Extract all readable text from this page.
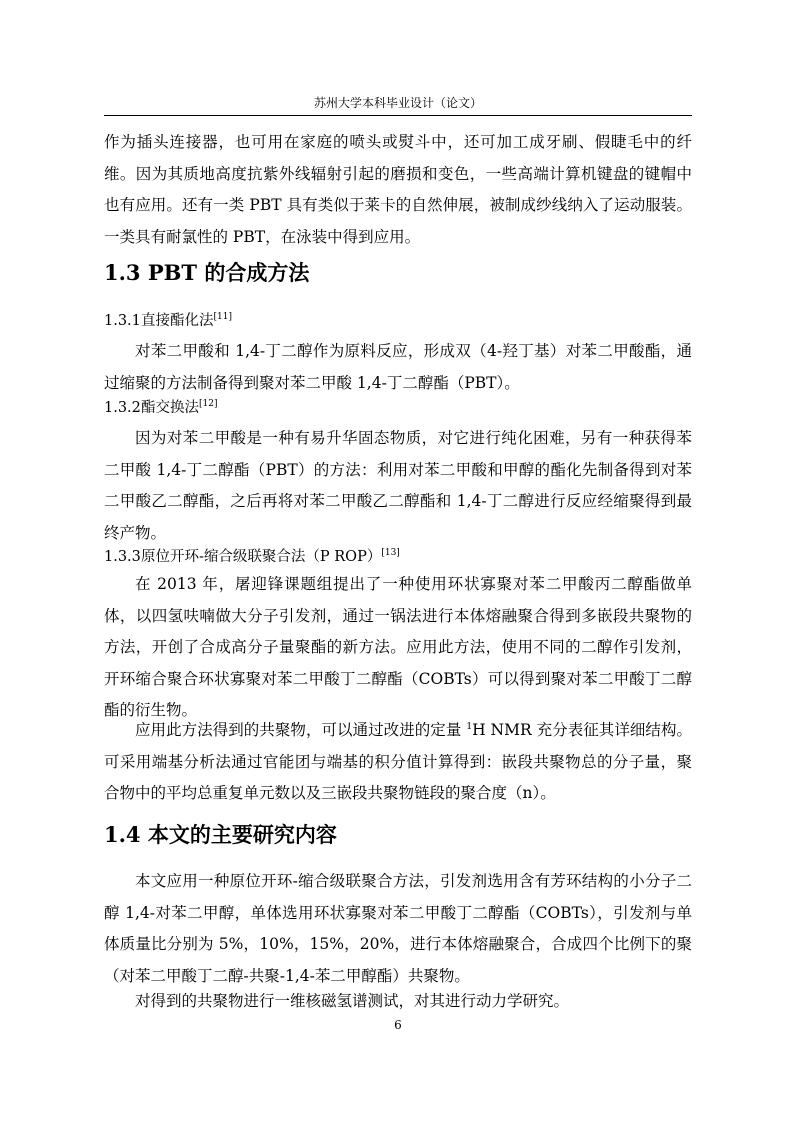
苏州大学本科毕业设计（论文）
作为插头连接器，也可用在家庭的喷头或熨斗中，还可加工成牙刷、假睫毛中的纤维。因为其质地高度抗紫外线辐射引起的磨损和变色，一些高端计算机键盘的键帽中也有应用。还有一类 PBT 具有类似于莱卡的自然伸展，被制成纱线纳入了运动服装。一类具有耐氯性的 PBT，在泳装中得到应用。
1.3 PBT 的合成方法
1.3.1直接酯化法[11]
对苯二甲酸和 1,4-丁二醇作为原料反应，形成双（4-羟丁基）对苯二甲酸酯，通过缩聚的方法制备得到聚对苯二甲酸 1,4-丁二醇酯（PBT）。
1.3.2酯交换法[12]
因为对苯二甲酸是一种有易升华固态物质，对它进行纯化困难，另有一种获得苯二甲酸 1,4-丁二醇酯（PBT）的方法：利用对苯二甲酸和甲醇的酯化先制备得到对苯二甲酸乙二醇酯，之后再将对苯二甲酸乙二醇酯和 1,4-丁二醇进行反应经缩聚得到最终产物。
1.3.3原位开环-缩合级联聚合法（P ROP）[13]
在 2013 年，屠迎锋课题组提出了一种使用环状寡聚对苯二甲酸丙二醇酯做单体，以四氢呋喃做大分子引发剂，通过一锅法进行本体熔融聚合得到多嵌段共聚物的方法，开创了合成高分子量聚酯的新方法。应用此方法，使用不同的二醇作引发剂，开环缩合聚合环状寡聚对苯二甲酸丁二醇酯（COBTs）可以得到聚对苯二甲酸丁二醇酯的衍生物。
应用此方法得到的共聚物，可以通过改进的定量 $^1$H NMR 充分表征其详细结构。可采用端基分析法通过官能团与端基的积分值计算得到：嵌段共聚物总的分子量，聚合物中的平均总重复单元数以及三嵌段共聚物链段的聚合度（n）。
1.4 本文的主要研究内容
本文应用一种原位开环-缩合级联聚合方法，引发剂选用含有芳环结构的小分子二醇 1,4-对苯二甲醇，单体选用环状寡聚对苯二甲酸丁二醇酯（COBTs），引发剂与单体质量比分别为 5%，10%，15%，20%，进行本体熔融聚合，合成四个比例下的聚（对苯二甲酸丁二醇-共聚-1,4-苯二甲醇酯）共聚物。
对得到的共聚物进行一维核磁氢谱测试，对其进行动力学研究。
6
